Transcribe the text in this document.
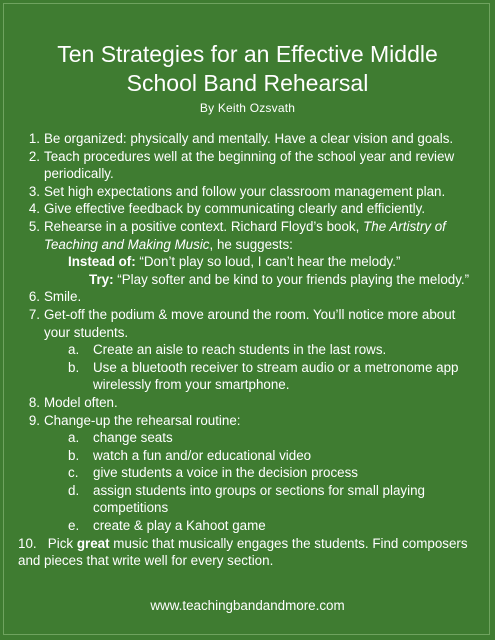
Ten Strategies for an Effective Middle
School Band Rehearsal

By Keith Ozsvath

1. Be organized: physically and mentally. Have a clear vision and goals.
2. Teach procedures well at the beginning of the school year and review periodically.
3. Set high expectations and follow your classroom management plan.
4. Give effective feedback by communicating clearly and efficiently.
5. Rehearse in a positive context. Richard Floyd’s book, The Artistry of Teaching and Making Music, he suggests:
Instead of: “Don’t play so loud, I can’t hear the melody.”
Try: “Play softer and be kind to your friends playing the melody.”
6. Smile.
7. Get-off the podium & move around the room. You’ll notice more about your students.
a.	Create an aisle to reach students in the last rows.
b.	Use a bluetooth receiver to stream audio or a metronome app wirelessly from your smartphone.
8. Model often.
9. Change-up the rehearsal routine:
a.	change seats
b.	watch a fun and/or educational video
c.	give students a voice in the decision process
d.	assign students into groups or sections for small playing competitions
e.	create & play a Kahoot game
10. Pick great music that musically engages the students. Find composers and pieces that write well for every section.

www.teachingbandandmore.com
